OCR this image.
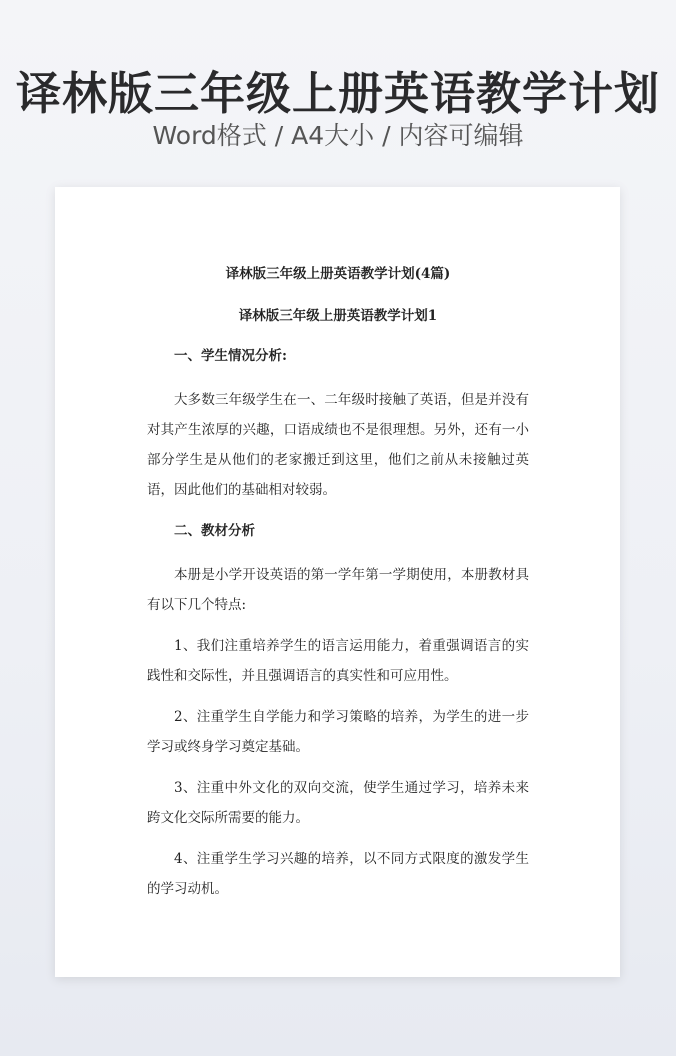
译林版三年级上册英语教学计划
Word格式 / A4大小 / 内容可编辑
译林版三年级上册英语教学计划(4篇)
译林版三年级上册英语教学计划1
一、学生情况分析:

大多数三年级学生在一、二年级时接触了英语，但是并没有对其产生浓厚的兴趣，口语成绩也不是很理想。另外，还有一小部分学生是从他们的老家搬迁到这里，他们之前从未接触过英语，因此他们的基础相对较弱。

二、教材分析

本册是小学开设英语的第一学年第一学期使用，本册教材具有以下几个特点:

1、我们注重培养学生的语言运用能力，着重强调语言的实践性和交际性，并且强调语言的真实性和可应用性。

2、注重学生自学能力和学习策略的培养，为学生的进一步学习或终身学习奠定基础。

3、注重中外文化的双向交流，使学生通过学习，培养未来跨文化交际所需要的能力。

4、注重学生学习兴趣的培养，以不同方式限度的激发学生的学习动机。
